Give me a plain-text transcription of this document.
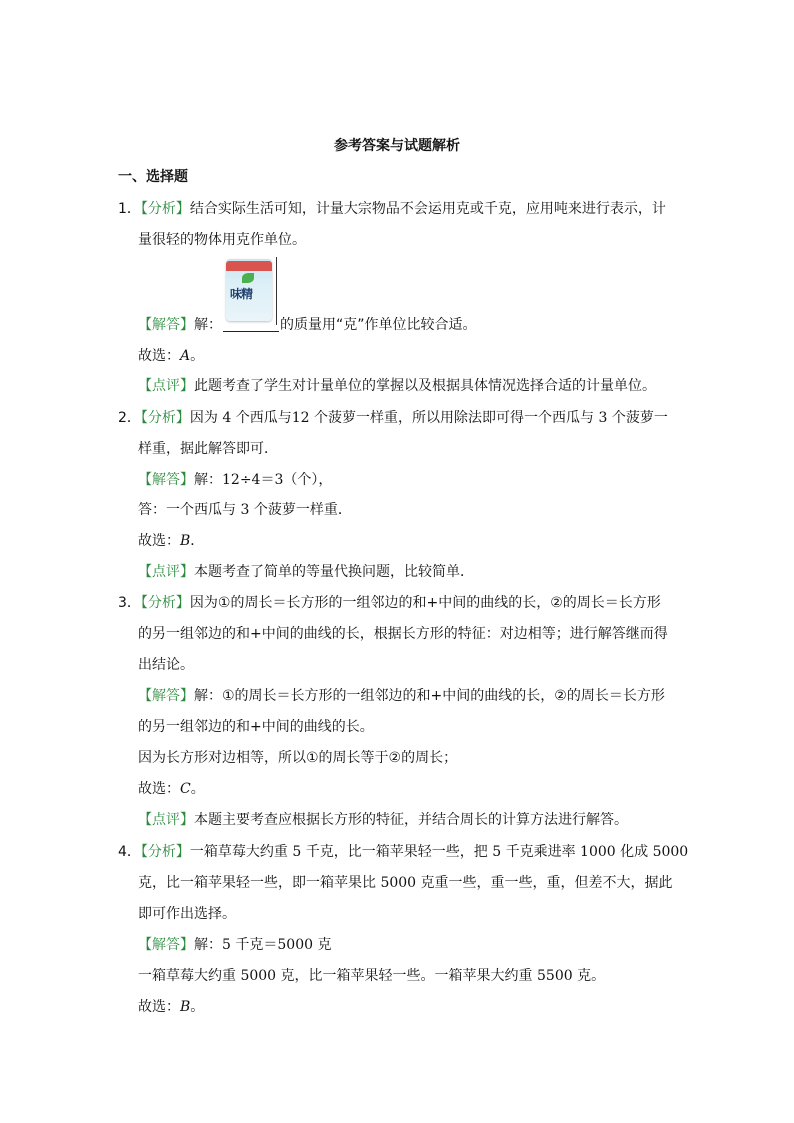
参考答案与试题解析
一、选择题
1．【分析】结合实际生活可知，计量大宗物品不会运用克或千克，应用吨来进行表示，计
量很轻的物体用克作单位。
味精
【解答】解：	的质量用“克”作单位比较合适。
故选：A。
【点评】此题考查了学生对计量单位的掌握以及根据具体情况选择合适的计量单位。
2．【分析】因为 4 个西瓜与12 个菠萝一样重，所以用除法即可得一个西瓜与 3 个菠萝一
样重，据此解答即可．
【解答】解：12÷4＝3（个），
答：一个西瓜与 3 个菠萝一样重．
故选：B．
【点评】本题考查了简单的等量代换问题，比较简单．
3．【分析】因为①的周长＝长方形的一组邻边的和+中间的曲线的长，②的周长＝长方形
的另一组邻边的和+中间的曲线的长，根据长方形的特征：对边相等；进行解答继而得
出结论。
【解答】解：①的周长＝长方形的一组邻边的和+中间的曲线的长，②的周长＝长方形
的另一组邻边的和+中间的曲线的长。
因为长方形对边相等，所以①的周长等于②的周长；
故选：C。
【点评】本题主要考查应根据长方形的特征，并结合周长的计算方法进行解答。
4．【分析】一箱草莓大约重 5 千克，比一箱苹果轻一些，把 5 千克乘进率 1000 化成 5000
克，比一箱苹果轻一些，即一箱苹果比 5000 克重一些，重一些，重，但差不大，据此
即可作出选择。
【解答】解：5 千克＝5000 克
一箱草莓大约重 5000 克，比一箱苹果轻一些。一箱苹果大约重 5500 克。
故选：B。
